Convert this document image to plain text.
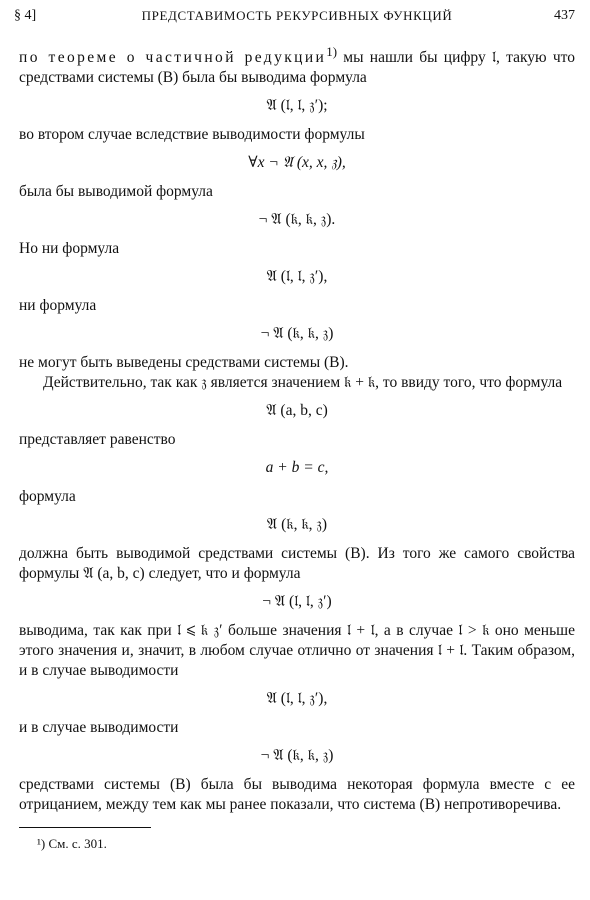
§ 4]	ПРЕДСТАВИМОСТЬ РЕКУРСИВНЫХ ФУНКЦИЙ	437

по теореме о частичной редукции$^{1)}$ мы нашли бы цифру 𝔩, такую что средствами системы (B) была бы выводима формула

𝔄 (𝔩, 𝔩, 𝔷′);

во втором случае вследствие выводимости формулы

∀x ¬ 𝔄 (x, x, 𝔷),

была бы выводимой формула

¬ 𝔄 (𝔨, 𝔨, 𝔷).

Но ни формула

𝔄 (𝔩, 𝔩, 𝔷′),

ни формула

¬ 𝔄 (𝔨, 𝔨, 𝔷)

не могут быть выведены средствами системы (B).

Действительно, так как 𝔷 является значением 𝔨 + 𝔨, то ввиду того, что формула

𝔄 (a, b, c)

представляет равенство

a + b = c,

формула

𝔄 (𝔨, 𝔨, 𝔷)

должна быть выводимой средствами системы (B). Из того же самого свойства формулы 𝔄 (a, b, c) следует, что и формула

¬ 𝔄 (𝔩, 𝔩, 𝔷′)

выводима, так как при 𝔩 ⩽ 𝔨 𝔷′ больше значения 𝔩 + 𝔩, а в случае 𝔩 > 𝔨 оно меньше этого значения и, значит, в любом случае отлично от значения 𝔩 + 𝔩. Таким образом, и в случае выводимости

𝔄 (𝔩, 𝔩, 𝔷′),

и в случае выводимости

¬ 𝔄 (𝔨, 𝔨, 𝔷)

средствами системы (B) была бы выводима некоторая формула вместе с ее отрицанием, между тем как мы ранее показали, что система (B) непротиворечива.

¹) См. с. 301.
